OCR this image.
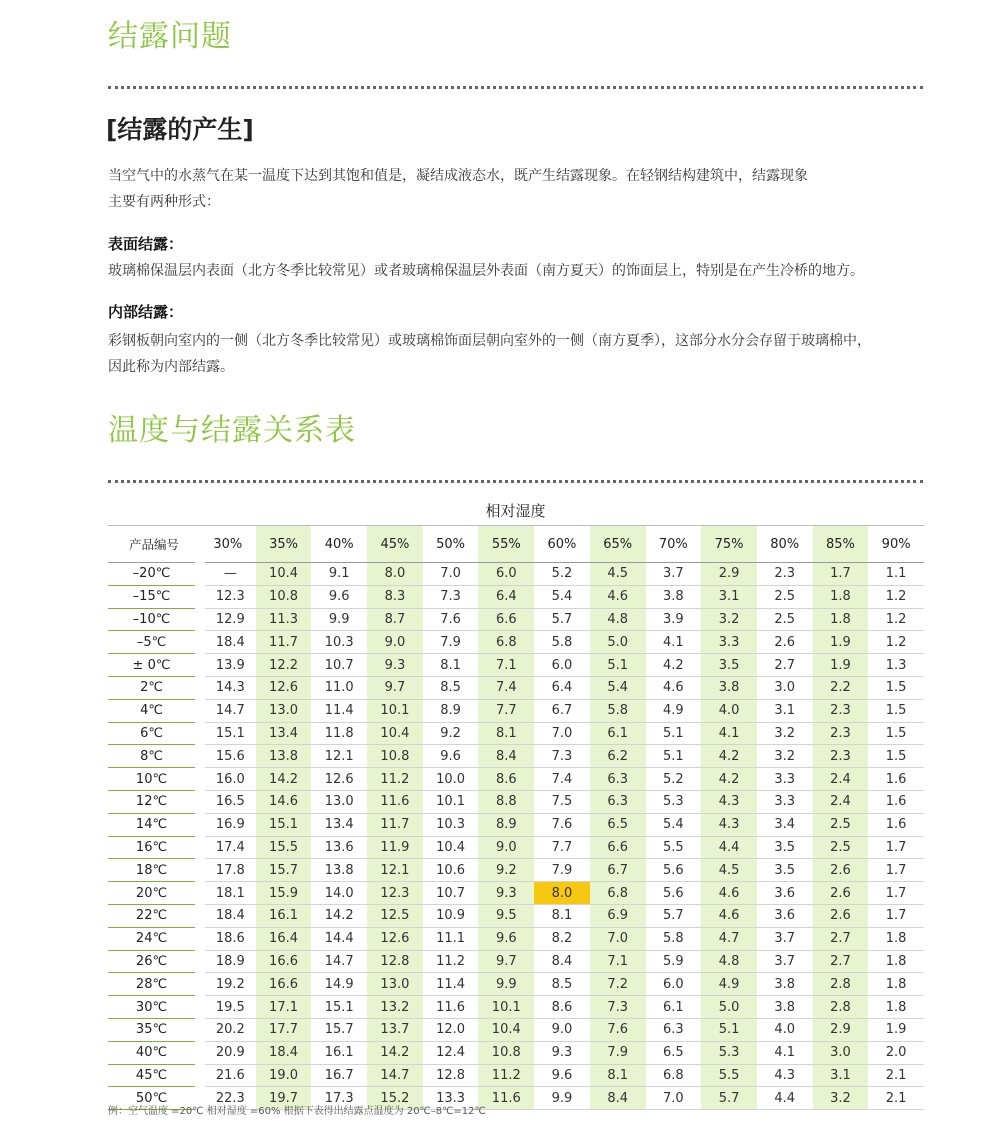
结露问题
[结露的产生]

当空气中的水蒸气在某一温度下达到其饱和值是，凝结成液态水，既产生结露现象。在轻钢结构建筑中，结露现象
主要有两种形式：

表面结露：

玻璃棉保温层内表面（北方冬季比较常见）或者玻璃棉保温层外表面（南方夏天）的饰面层上，特别是在产生冷桥的地方。

内部结露：

彩钢板朝向室内的一侧（北方冬季比较常见）或玻璃棉饰面层朝向室外的一侧（南方夏季），这部分水分会存留于玻璃棉中，
因此称为内部结露。

温度与结露关系表
相对湿度
产品编号	30%	35%	40%	45%	50%	55%	60%	65%	70%	75%	80%	85%	90%
–20℃	—	10.4	9.1	8.0	7.0	6.0	5.2	4.5	3.7	2.9	2.3	1.7	1.1
–15℃	12.3	10.8	9.6	8.3	7.3	6.4	5.4	4.6	3.8	3.1	2.5	1.8	1.2
–10℃	12.9	11.3	9.9	8.7	7.6	6.6	5.7	4.8	3.9	3.2	2.5	1.8	1.2
–5℃	18.4	11.7	10.3	9.0	7.9	6.8	5.8	5.0	4.1	3.3	2.6	1.9	1.2
± 0℃	13.9	12.2	10.7	9.3	8.1	7.1	6.0	5.1	4.2	3.5	2.7	1.9	1.3
2℃	14.3	12.6	11.0	9.7	8.5	7.4	6.4	5.4	4.6	3.8	3.0	2.2	1.5
4℃	14.7	13.0	11.4	10.1	8.9	7.7	6.7	5.8	4.9	4.0	3.1	2.3	1.5
6℃	15.1	13.4	11.8	10.4	9.2	8.1	7.0	6.1	5.1	4.1	3.2	2.3	1.5
8℃	15.6	13.8	12.1	10.8	9.6	8.4	7.3	6.2	5.1	4.2	3.2	2.3	1.5
10℃	16.0	14.2	12.6	11.2	10.0	8.6	7.4	6.3	5.2	4.2	3.3	2.4	1.6
12℃	16.5	14.6	13.0	11.6	10.1	8.8	7.5	6.3	5.3	4.3	3.3	2.4	1.6
14℃	16.9	15.1	13.4	11.7	10.3	8.9	7.6	6.5	5.4	4.3	3.4	2.5	1.6
16℃	17.4	15.5	13.6	11.9	10.4	9.0	7.7	6.6	5.5	4.4	3.5	2.5	1.7
18℃	17.8	15.7	13.8	12.1	10.6	9.2	7.9	6.7	5.6	4.5	3.5	2.6	1.7
20℃	18.1	15.9	14.0	12.3	10.7	9.3	8.0	6.8	5.6	4.6	3.6	2.6	1.7
22℃	18.4	16.1	14.2	12.5	10.9	9.5	8.1	6.9	5.7	4.6	3.6	2.6	1.7
24℃	18.6	16.4	14.4	12.6	11.1	9.6	8.2	7.0	5.8	4.7	3.7	2.7	1.8
26℃	18.9	16.6	14.7	12.8	11.2	9.7	8.4	7.1	5.9	4.8	3.7	2.7	1.8
28℃	19.2	16.6	14.9	13.0	11.4	9.9	8.5	7.2	6.0	4.9	3.8	2.8	1.8
30℃	19.5	17.1	15.1	13.2	11.6	10.1	8.6	7.3	6.1	5.0	3.8	2.8	1.8
35℃	20.2	17.7	15.7	13.7	12.0	10.4	9.0	7.6	6.3	5.1	4.0	2.9	1.9
40℃	20.9	18.4	16.1	14.2	12.4	10.8	9.3	7.9	6.5	5.3	4.1	3.0	2.0
45℃	21.6	19.0	16.7	14.7	12.8	11.2	9.6	8.1	6.8	5.5	4.3	3.1	2.1
50℃	22.3	19.7	17.3	15.2	13.3	11.6	9.9	8.4	7.0	5.7	4.4	3.2	2.1
例：空气温度 =20℃ 相对湿度 =60% 根据下表得出结露点温度为 20℃–8℃=12℃
